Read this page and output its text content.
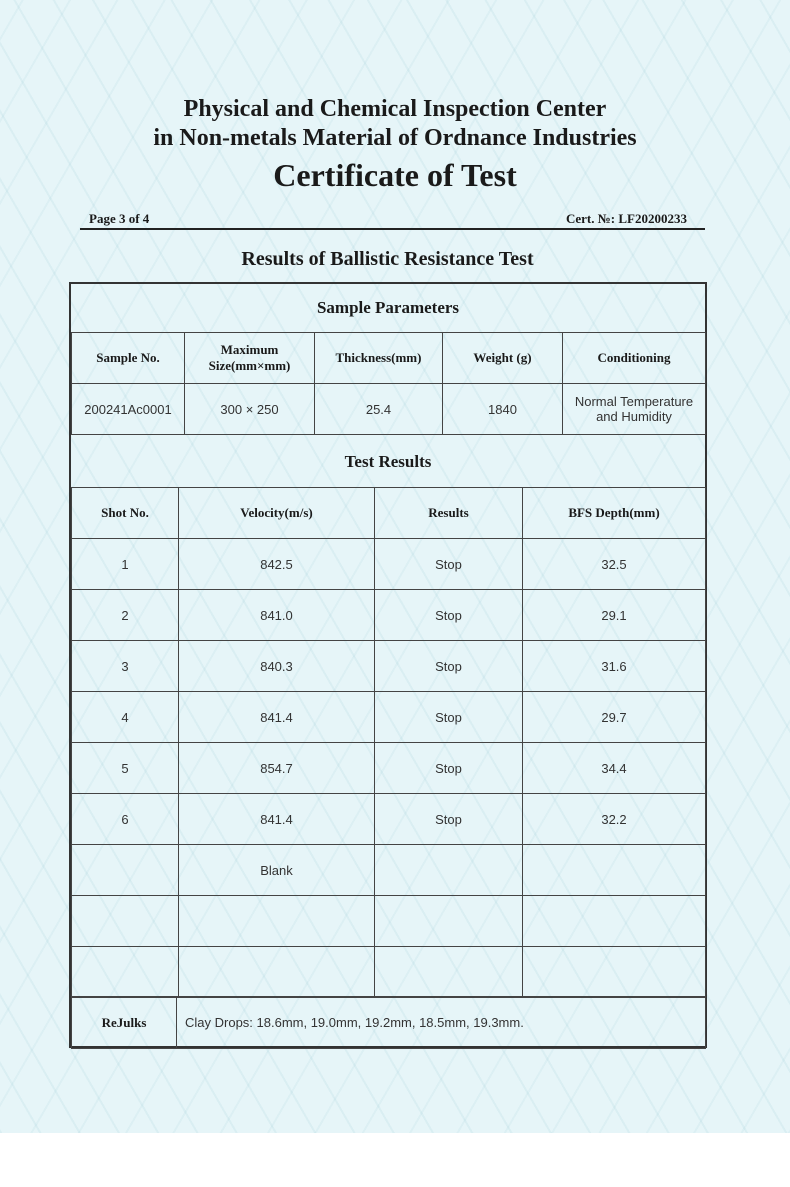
Physical and Chemical Inspection Center
in Non-metals Material of Ordnance Industries
Certificate of Test
Page 3 of 4	Cert. №: LF20200233
Results of Ballistic Resistance Test
Sample Parameters
Sample No.	Maximum Size(mm×mm)	Thickness(mm)	Weight (g)	Conditioning
200241Ac0001	300 × 250	25.4	1840	Normal Temperature and Humidity
Test Results
Shot No.	Velocity(m/s)	Results	BFS Depth(mm)
1	842.5	Stop	32.5
2	841.0	Stop	29.1
3	840.3	Stop	31.6
4	841.4	Stop	29.7
5	854.7	Stop	34.4
6	841.4	Stop	32.2
	Blank		

ReJulks	Clay Drops: 18.6mm, 19.0mm, 19.2mm, 18.5mm, 19.3mm.
